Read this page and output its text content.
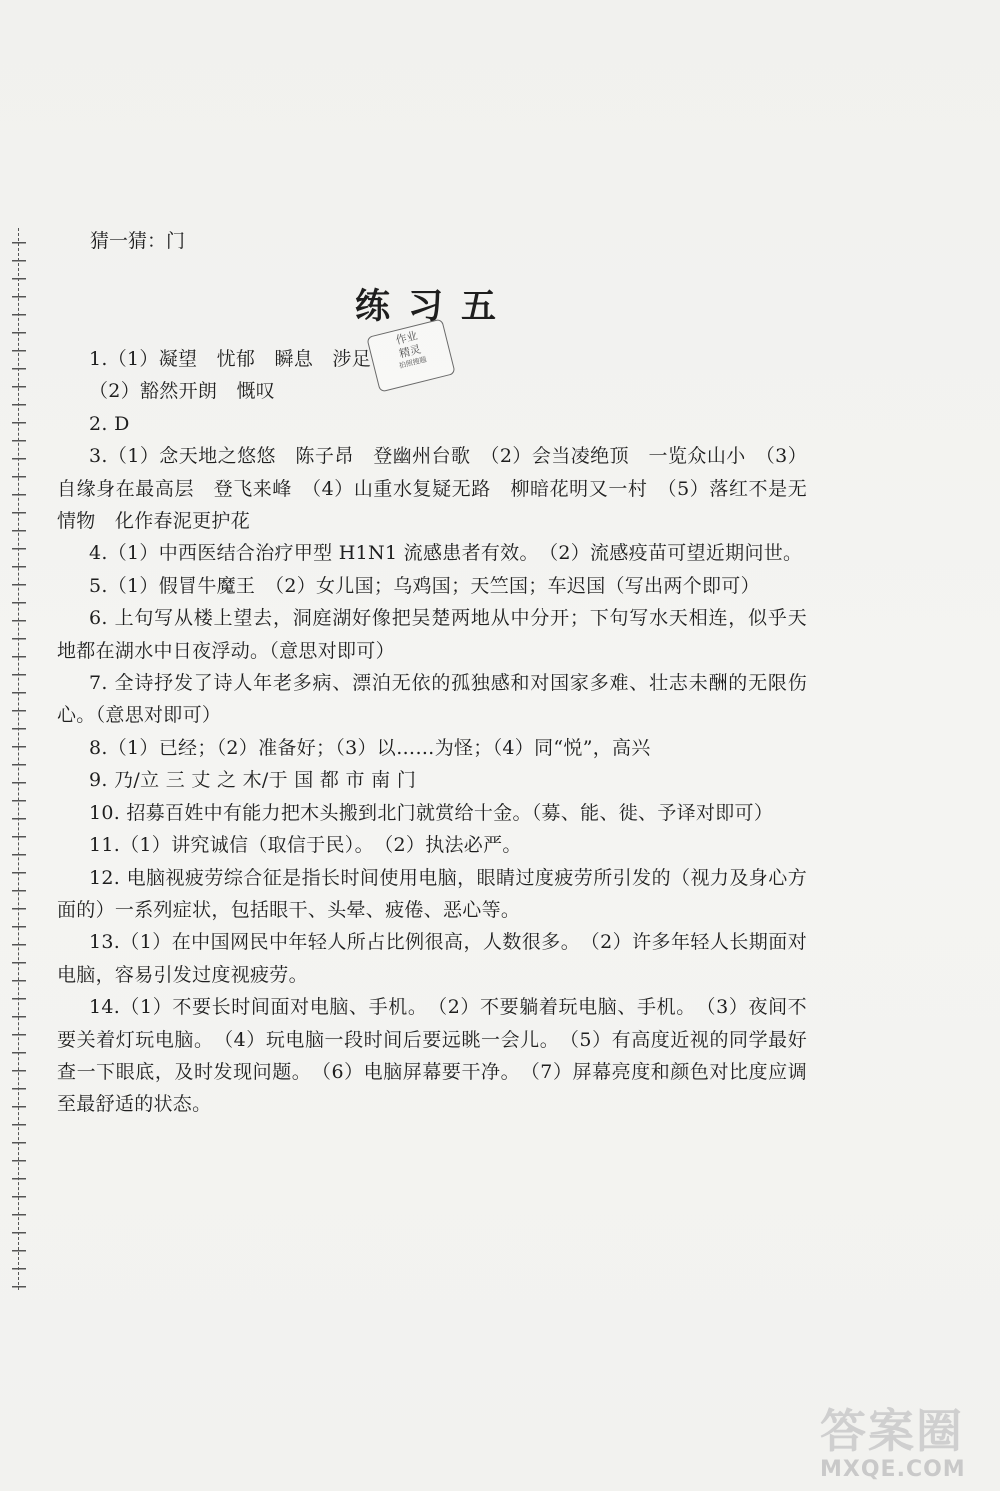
猜一猜：门
练习五
作业
精灵
拍照搜题

1.（1）凝望　忧郁　瞬息　涉足

（2）豁然开朗　慨叹

2. D

3.（1）念天地之悠悠　陈子昂　登幽州台歌　（2）会当凌绝顶　一览众山小　（3）自缘身在最高层　登飞来峰　（4）山重水复疑无路　柳暗花明又一村　（5）落红不是无情物　化作春泥更护花

4.（1）中西医结合治疗甲型 H1N1 流感患者有效。　（2）流感疫苗可望近期问世。

5.（1）假冒牛魔王　（2）女儿国；乌鸡国；天竺国；车迟国（写出两个即可）

6. 上句写从楼上望去，洞庭湖好像把吴楚两地从中分开；下句写水天相连，似乎天地都在湖水中日夜浮动。（意思对即可）

7. 全诗抒发了诗人年老多病、漂泊无依的孤独感和对国家多难、壮志未酬的无限伤心。（意思对即可）

8.（1）已经；（2）准备好；（3）以……为怪；（4）同“悦”，高兴

9. 乃/立 三 丈 之 木/于 国 都 市 南 门

10. 招募百姓中有能力把木头搬到北门就赏给十金。（募、能、徙、予译对即可）

11.（1）讲究诚信（取信于民）。　（2）执法必严。

12. 电脑视疲劳综合征是指长时间使用电脑，眼睛过度疲劳所引发的（视力及身心方面的）一系列症状，包括眼干、头晕、疲倦、恶心等。

13.（1）在中国网民中年轻人所占比例很高，人数很多。　（2）许多年轻人长期面对电脑，容易引发过度视疲劳。

14.（1）不要长时间面对电脑、手机。　（2）不要躺着玩电脑、手机。　（3）夜间不要关着灯玩电脑。　（4）玩电脑一段时间后要远眺一会儿。　（5）有高度近视的同学最好查一下眼底，及时发现问题。　（6）电脑屏幕要干净。　（7）屏幕亮度和颜色对比度应调至最舒适的状态。

答案圈
MXQE.COM
